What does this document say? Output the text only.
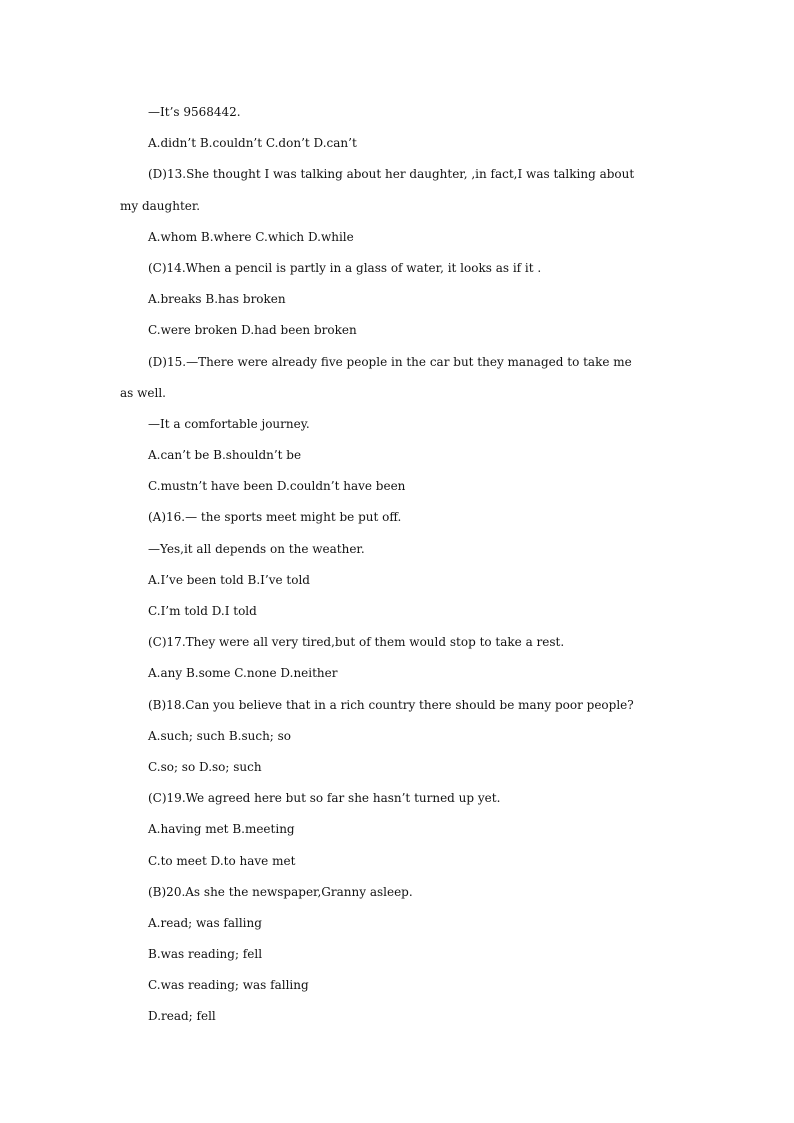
—It’s 9568442.
A.didn’t B.couldn’t C.don’t D.can’t
(D)13.She thought I was talking about her daughter, ,in fact,I was talking about
my daughter.
A.whom B.where C.which D.while
(C)14.When a pencil is partly in a glass of water, it looks as if it .
A.breaks B.has broken
C.were broken D.had been broken
(D)15.—There were already five people in the car but they managed to take me
as well.
—It a comfortable journey.
A.can’t be B.shouldn’t be
C.mustn’t have been D.couldn’t have been
(A)16.— the sports meet might be put off.
—Yes,it all depends on the weather.
A.I’ve been told B.I’ve told
C.I’m told D.I told
(C)17.They were all very tired,but of them would stop to take a rest.
A.any B.some C.none D.neither
(B)18.Can you believe that in a rich country there should be many poor people?
A.such; such B.such; so
C.so; so D.so; such
(C)19.We agreed here but so far she hasn’t turned up yet.
A.having met B.meeting
C.to meet D.to have met
(B)20.As she the newspaper,Granny asleep.
A.read; was falling
B.was reading; fell
C.was reading; was falling
D.read; fell
